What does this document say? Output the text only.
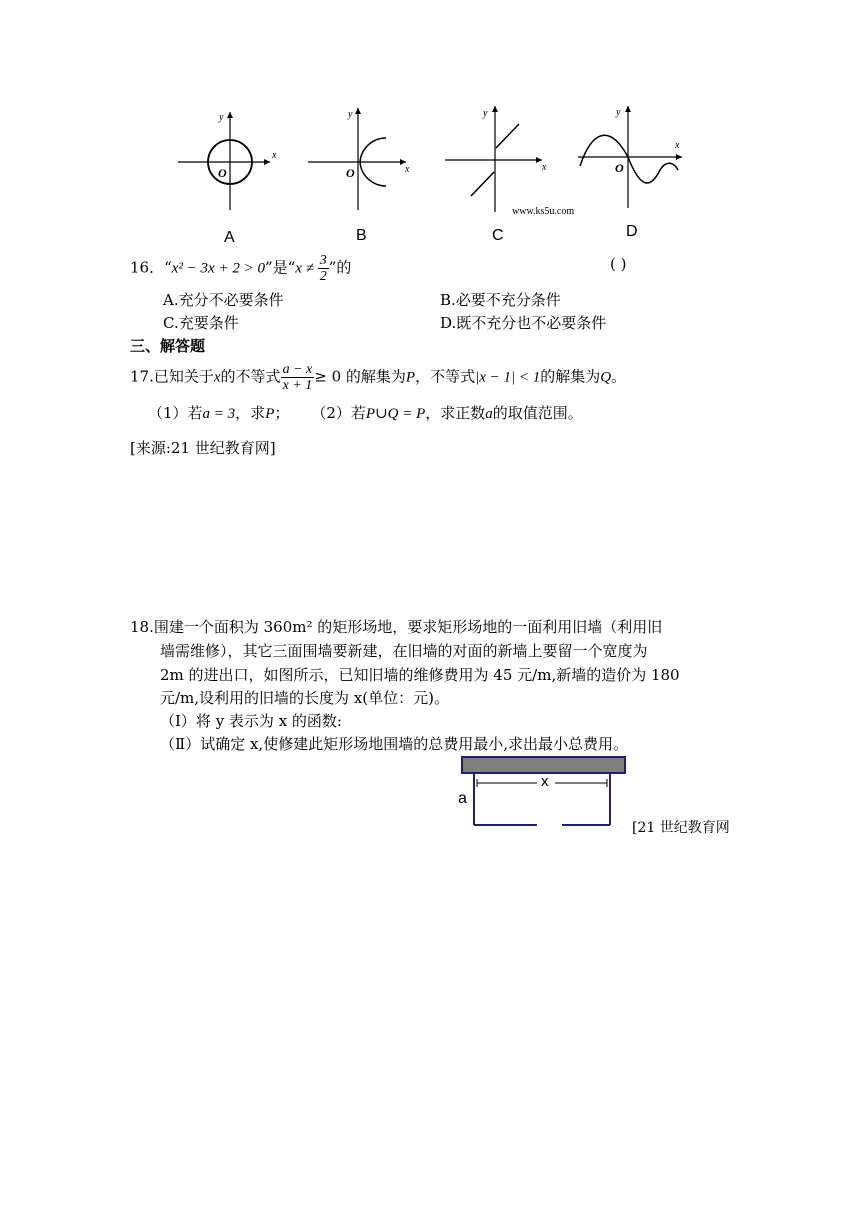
O
y
x
O
y
x
y
x
www.ks5u.com
O
y
x
A	B	C	D
16．“x² − 3x + 2 > 0”是“$x \ne \frac{3}{2}$ ”的	( )
A.充分不必要条件	B.必要不充分条件
C.充要条件	D.既不充分也不必要条件
三、解答题
17.已知关于x的不等式 $\frac{a - x}{x + 1} \ge 0$ 的解集为P，不等式|x − 1| < 1的解集为Q。
（1）若a = 3，求P； （2）若P∪Q = P，求正数a的取值范围。
[来源:21 世纪教育网]
18.围建一个面积为 360m² 的矩形场地，要求矩形场地的一面利用旧墙（利用旧
墙需维修），其它三面围墙要新建，在旧墙的对面的新墙上要留一个宽度为
2m 的进出口，如图所示，已知旧墙的维修费用为 45 元/m,新墙的造价为 180
元/m,设利用的旧墙的长度为 x(单位：元)。
（Ⅰ）将 y 表示为 x 的函数:
（Ⅱ）试确定 x,使修建此矩形场地围墙的总费用最小,求出最小总费用。
x
a
[21 世纪教育网
